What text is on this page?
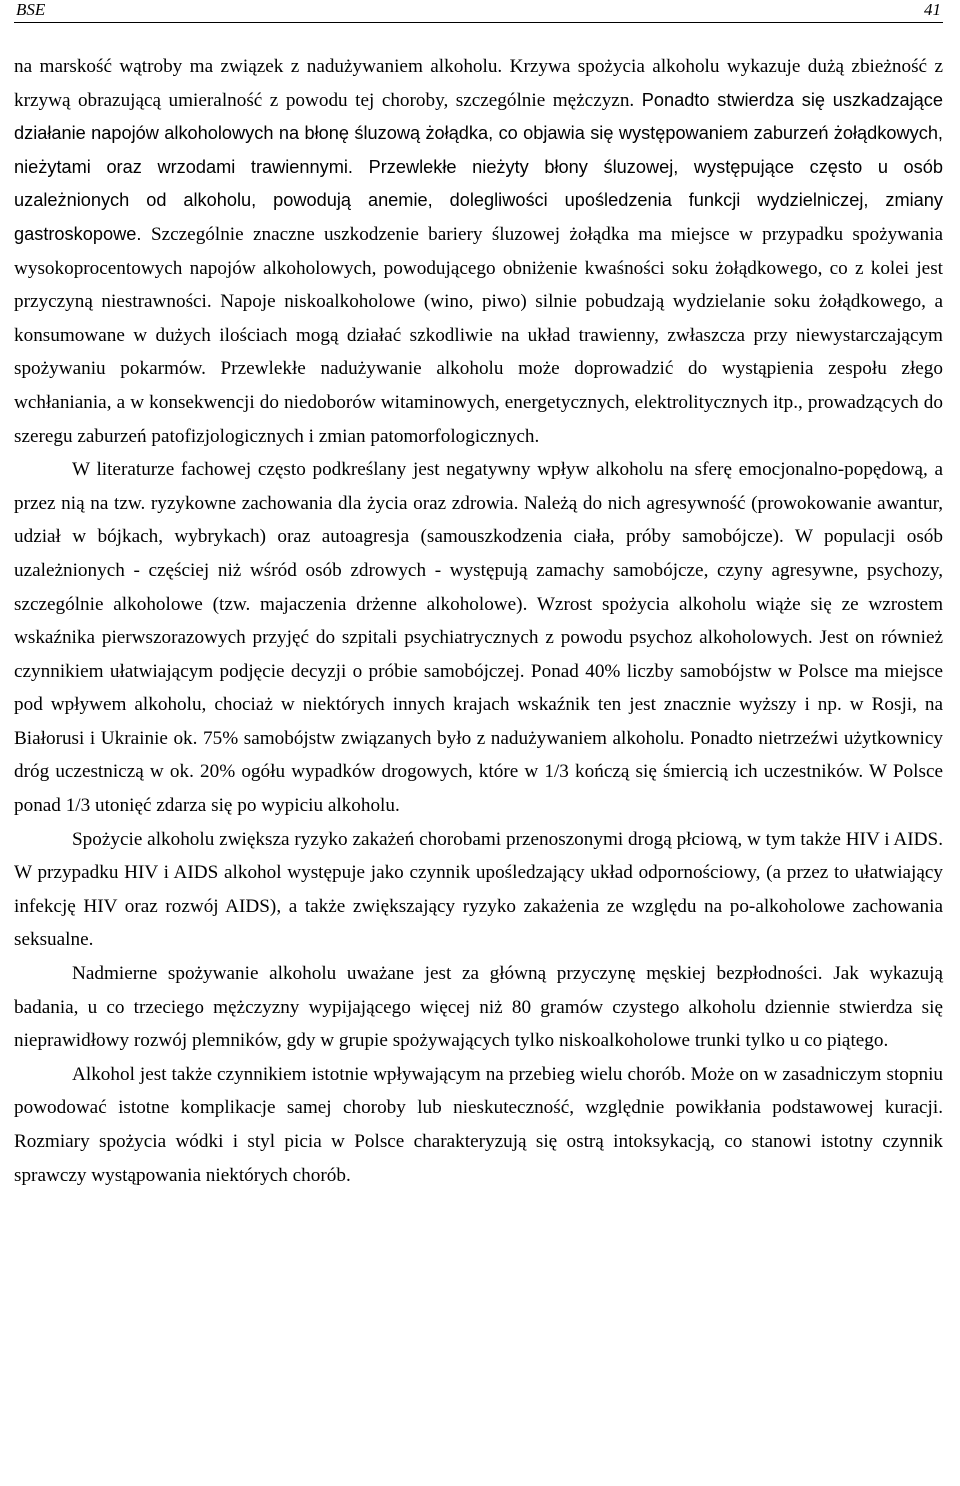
BSE	41

na marskość wątroby ma związek z nadużywaniem alkoholu. Krzywa spożycia alkoholu wykazuje dużą zbieżność z krzywą obrazującą umieralność z powodu tej choroby, szczególnie mężczyzn. Ponadto stwierdza się uszkadzające działanie napojów alkoholowych na błonę śluzową żołądka, co objawia się występowaniem zaburzeń żołądkowych, nieżytami oraz wrzodami trawiennymi. Przewlekłe nieżyty błony śluzowej, występujące często u osób uzależnionych od alkoholu, powodują anemie, dolegliwości upośledzenia funkcji wydzielniczej, zmiany gastroskopowe. Szczególnie znaczne uszkodzenie bariery śluzowej żołądka ma miejsce w przypadku spożywania wysokoprocentowych napojów alkoholowych, powodującego obniżenie kwaśności soku żołądkowego, co z kolei jest przyczyną niestrawności. Napoje niskoalkoholowe (wino, piwo) silnie pobudzają wydzielanie soku żołądkowego, a konsumowane w dużych ilościach mogą działać szkodliwie na układ trawienny, zwłaszcza przy niewystarczającym spożywaniu pokarmów. Przewlekłe nadużywanie alkoholu może doprowadzić do wystąpienia zespołu złego wchłaniania, a w konsekwencji do niedoborów witaminowych, energetycznych, elektrolitycznych itp., prowadzących do szeregu zaburzeń patofizjologicznych i zmian patomorfologicznych.

W literaturze fachowej często podkreślany jest negatywny wpływ alkoholu na sferę emocjonalno-popędową, a przez nią na tzw. ryzykowne zachowania dla życia oraz zdrowia. Należą do nich agresywność (prowokowanie awantur, udział w bójkach, wybrykach) oraz autoagresja (samouszkodzenia ciała, próby samobójcze). W populacji osób uzależnionych - częściej niż wśród osób zdrowych - występują zamachy samobójcze, czyny agresywne, psychozy, szczególnie alkoholowe (tzw. majaczenia drżenne alkoholowe). Wzrost spożycia alkoholu wiąże się ze wzrostem wskaźnika pierwszorazowych przyjęć do szpitali psychiatrycznych z powodu psychoz alkoholowych. Jest on również czynnikiem ułatwiającym podjęcie decyzji o próbie samobójczej. Ponad 40% liczby samobójstw w Polsce ma miejsce pod wpływem alkoholu, chociaż w niektórych innych krajach wskaźnik ten jest znacznie wyższy i np. w Rosji, na Białorusi i Ukrainie ok. 75% samobójstw związanych było z nadużywaniem alkoholu. Ponadto nietrzeźwi użytkownicy dróg uczestniczą w ok. 20% ogółu wypadków drogowych, które w 1/3 kończą się śmiercią ich uczestników. W Polsce ponad 1/3 utonięć zdarza się po wypiciu alkoholu.

Spożycie alkoholu zwiększa ryzyko zakażeń chorobami przenoszonymi drogą płciową, w tym także HIV i AIDS. W przypadku HIV i AIDS alkohol występuje jako czynnik upośledzający układ odpornościowy, (a przez to ułatwiający infekcję HIV oraz rozwój AIDS), a także zwiększający ryzyko zakażenia ze względu na po-alkoholowe zachowania seksualne.

Nadmierne spożywanie alkoholu uważane jest za główną przyczynę męskiej bezpłodności. Jak wykazują badania, u co trzeciego mężczyzny wypijającego więcej niż 80 gramów czystego alkoholu dziennie stwierdza się nieprawidłowy rozwój plemników, gdy w grupie spożywających tylko niskoalkoholowe trunki tylko u co piątego.

Alkohol jest także czynnikiem istotnie wpływającym na przebieg wielu chorób. Może on w zasadniczym stopniu powodować istotne komplikacje samej choroby lub nieskuteczność, względnie powikłania podstawowej kuracji. Rozmiary spożycia wódki i styl picia w Polsce charakteryzują się ostrą intoksykacją, co stanowi istotny czynnik sprawczy wystąpowania niektórych chorób.
